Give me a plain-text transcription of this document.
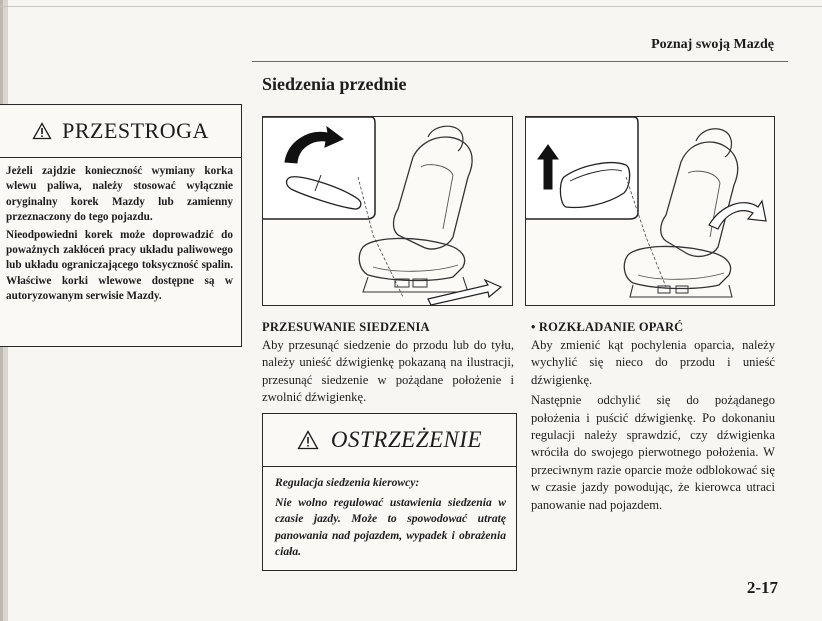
Poznaj swoją Mazdę
Siedzenia przednie
PRZESTROGA

Jeżeli zajdzie konieczność wymiany korka wlewu paliwa, należy stosować wyłącznie oryginalny korek Mazdy lub zamienny przeznaczony do tego pojazdu.

Nieodpowiedni korek może doprowadzić do poważnych zakłóceń pracy układu paliwowego lub układu ograniczającego toksyczność spalin. Właściwe korki wlewowe dostępne są w autoryzowanym serwisie Mazdy.

PRZESUWANIE SIEDZENIA

Aby przesunąć siedzenie do przodu lub do tyłu, należy unieść dźwigienkę pokazaną na ilustracji, przesunąć siedzenie w pożądane położenie i zwolnić dźwigienkę.

OSTRZEŻENIE

Regulacja siedzenia kierowcy:

Nie wolno regulować ustawienia siedzenia w czasie jazdy. Może to spowodować utratę panowania nad pojazdem, wypadek i obrażenia ciała.

• ROZKŁADANIE OPARĆ

Aby zmienić kąt pochylenia oparcia, należy wychylić się nieco do przodu i unieść dźwigienkę.

Następnie odchylić się do pożądanego położenia i puścić dźwigienkę. Po dokonaniu regulacji należy sprawdzić, czy dźwigienka wróciła do swojego pierwotnego położenia. W przeciwnym razie oparcie może odblokować się w czasie jazdy powodując, że kierowca utraci panowanie nad pojazdem.

2-17
